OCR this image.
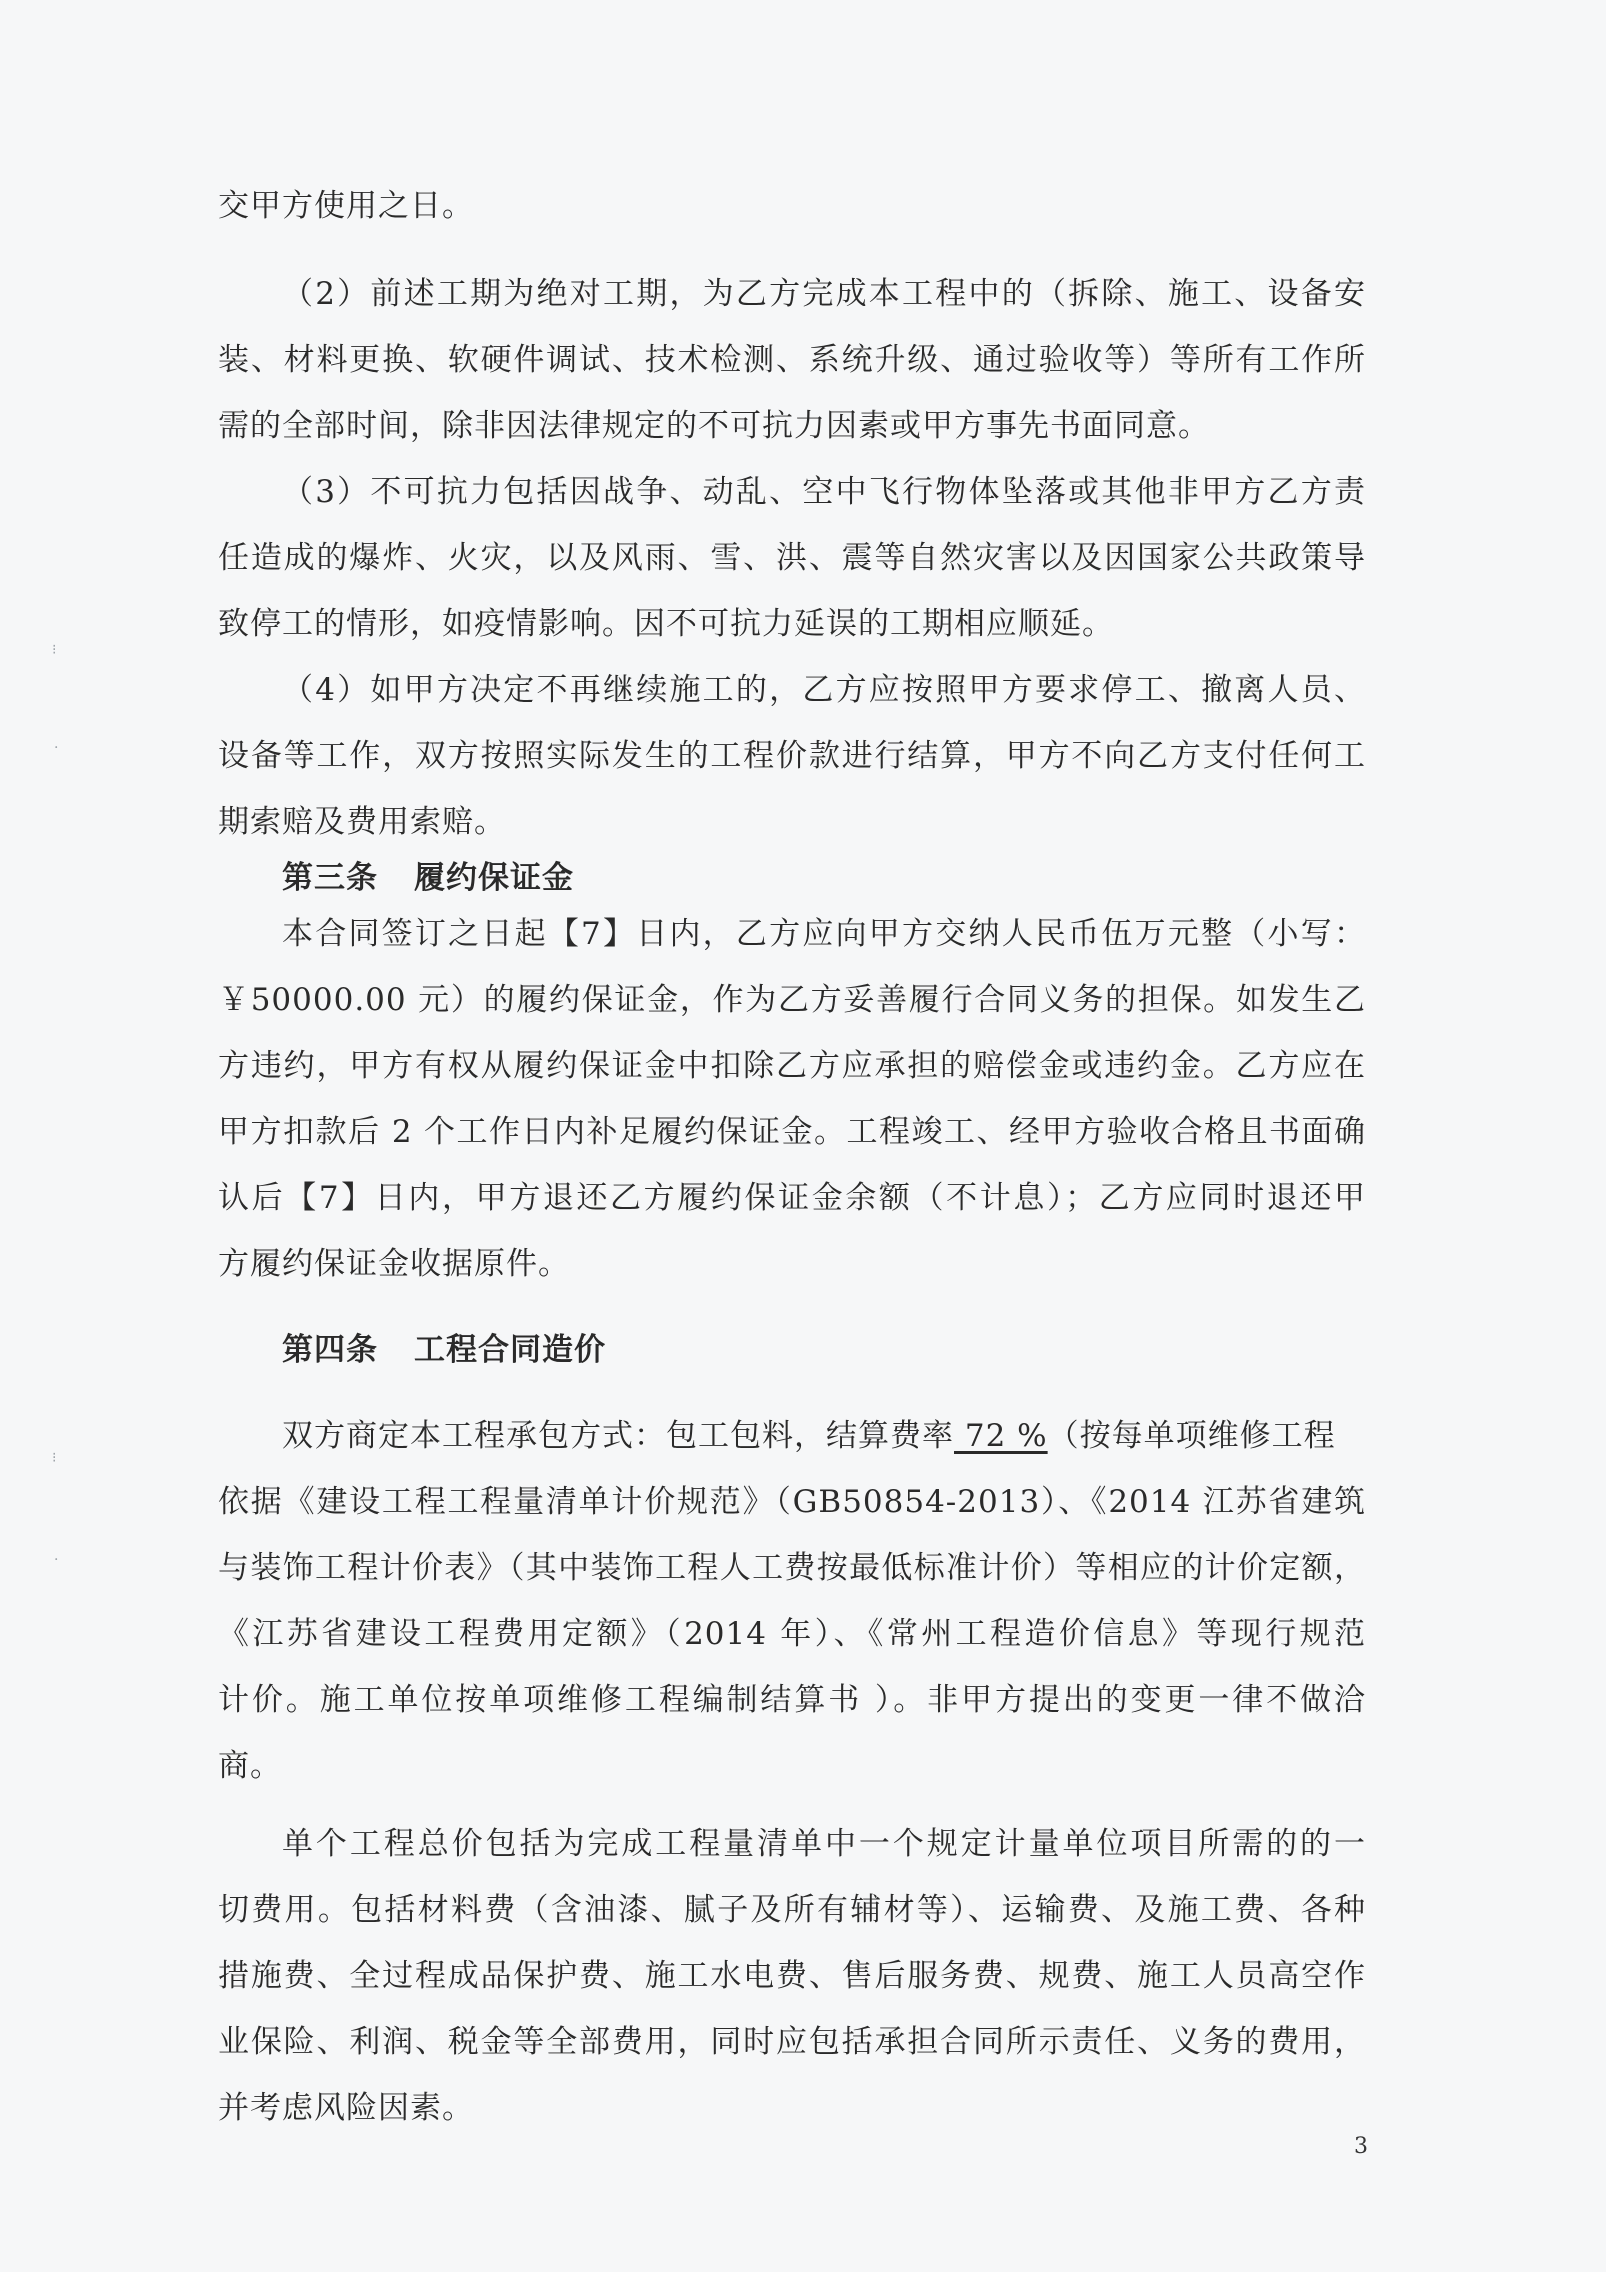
⁝
·
⁝
·
交甲方使用之日。
（2）前述工期为绝对工期，为乙方完成本工程中的（拆除、施工、设备安
装、材料更换、软硬件调试、技术检测、系统升级、通过验收等）等所有工作所
需的全部时间，除非因法律规定的不可抗力因素或甲方事先书面同意。
（3）不可抗力包括因战争、动乱、空中飞行物体坠落或其他非甲方乙方责
任造成的爆炸、火灾，以及风雨、雪、洪、震等自然灾害以及因国家公共政策导
致停工的情形，如疫情影响。因不可抗力延误的工期相应顺延。
（4）如甲方决定不再继续施工的，乙方应按照甲方要求停工、撤离人员、
设备等工作，双方按照实际发生的工程价款进行结算，甲方不向乙方支付任何工
期索赔及费用索赔。
第三条 履约保证金
本合同签订之日起【7】日内，乙方应向甲方交纳人民币伍万元整（小写：
￥50000.00 元）的履约保证金，作为乙方妥善履行合同义务的担保。如发生乙
方违约，甲方有权从履约保证金中扣除乙方应承担的赔偿金或违约金。乙方应在
甲方扣款后 2 个工作日内补足履约保证金。工程竣工、经甲方验收合格且书面确
认后【7】日内，甲方退还乙方履约保证金余额（不计息）；乙方应同时退还甲
方履约保证金收据原件。
第四条 工程合同造价
双方商定本工程承包方式：包工包料，结算费率 72 %（按每单项维修工程
依据《建设工程工程量清单计价规范》（GB50854-2013）、《2014 江苏省建筑
与装饰工程计价表》（其中装饰工程人工费按最低标准计价）等相应的计价定额，
《江苏省建设工程费用定额》（2014 年）、《常州工程造价信息》等现行规范
计价。施工单位按单项维修工程编制结算书 ）。非甲方提出的变更一律不做洽
商。
单个工程总价包括为完成工程量清单中一个规定计量单位项目所需的的一
切费用。包括材料费（含油漆、腻子及所有辅材等）、运输费、及施工费、各种
措施费、全过程成品保护费、施工水电费、售后服务费、规费、施工人员高空作
业保险、利润、税金等全部费用，同时应包括承担合同所示责任、义务的费用，
并考虑风险因素。
3
